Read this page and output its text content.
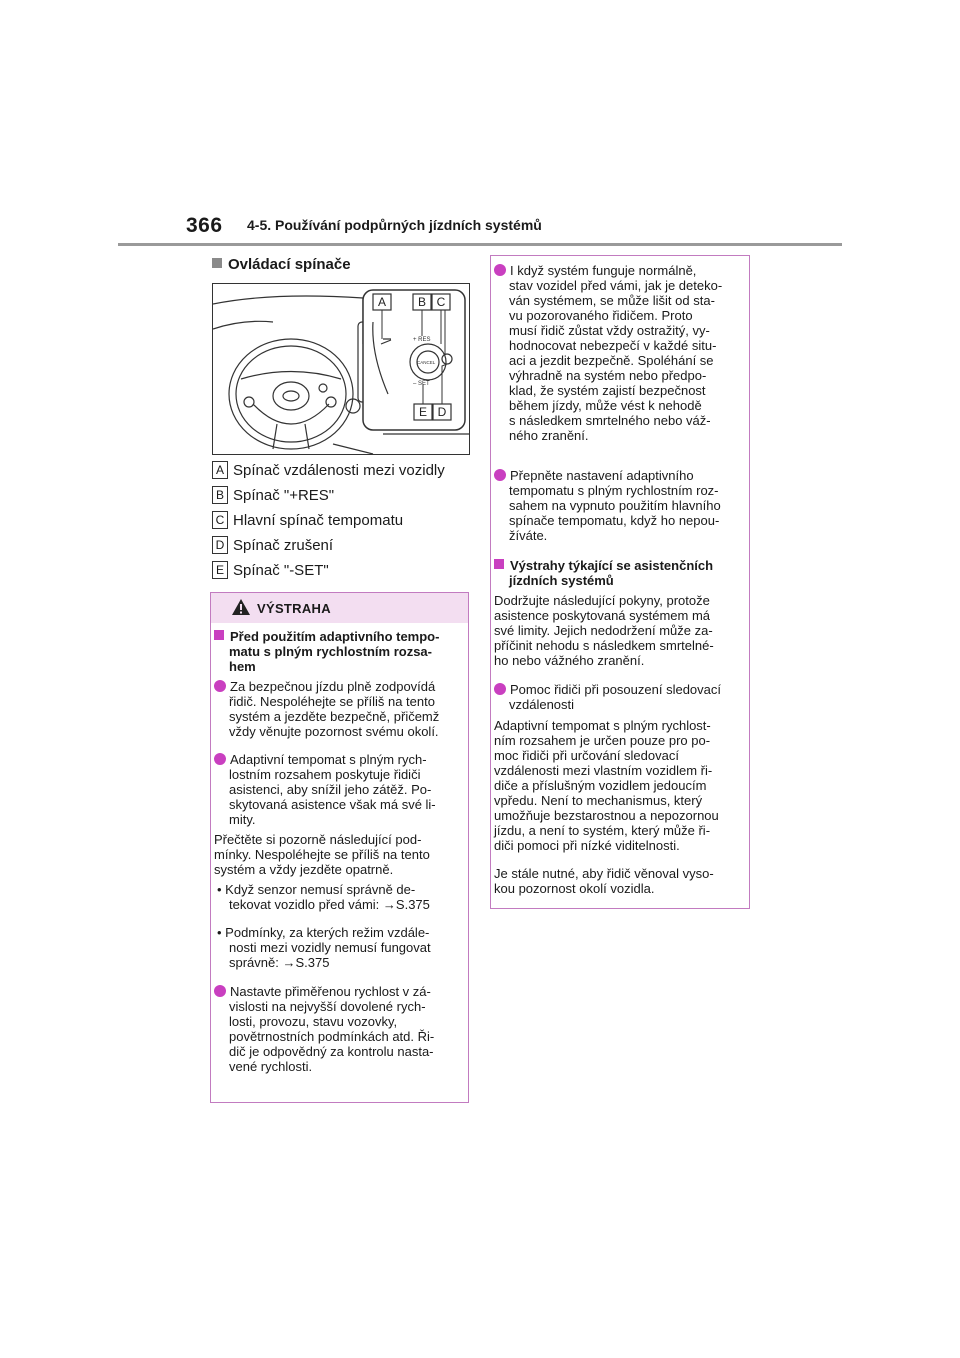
366 4-5. Používání podpůrných jízdních systémů
Ovládací spínače
+ RES
CANCEL
– SET
A	B C
D
E
A Spínač vzdálenosti mezi vozidly
B Spínač "+RES"
C Hlavní spínač tempomatu
D Spínač zrušení
E Spínač "-SET"
VÝSTRAHA
Před použitím adaptivního tempo-
matu s plným rychlostním rozsa-
hem
Za bezpečnou jízdu plně zodpovídá
řidič. Nespoléhejte se příliš na tento
systém a jezděte bezpečně, přičemž
vždy věnujte pozornost svému okolí.
Adaptivní tempomat s plným rych-
lostním rozsahem poskytuje řidiči
asistenci, aby snížil jeho zátěž. Po-
skytovaná asistence však má své li-
mity.
Přečtěte si pozorně následující pod-
mínky. Nespoléhejte se příliš na tento
systém a vždy jezděte opatrně.
• Když senzor nemusí správně de-
tekovat vozidlo před vámi: →S.375
• Podmínky, za kterých režim vzdále-
nosti mezi vozidly nemusí fungovat
správně: →S.375
Nastavte přiměřenou rychlost v zá-
vislosti na nejvyšší dovolené rych-
losti, provozu, stavu vozovky,
povětrnostních podmínkách atd. Ři-
dič je odpovědný za kontrolu nasta-
vené rychlosti.
I když systém funguje normálně,
stav vozidel před vámi, jak je deteko-
ván systémem, se může lišit od sta-
vu pozorovaného řidičem. Proto
musí řidič zůstat vždy ostražitý, vy-
hodnocovat nebezpečí v každé situ-
aci a jezdit bezpečně. Spoléhání se
výhradně na systém nebo předpo-
klad, že systém zajistí bezpečnost
během jízdy, může vést k nehodě
s následkem smrtelného nebo váž-
ného zranění.
Přepněte nastavení adaptivního
tempomatu s plným rychlostním roz-
sahem na vypnuto použitím hlavního
spínače tempomatu, když ho nepou-
žíváte.
Výstrahy týkající se asistenčních
jízdních systémů
Dodržujte následující pokyny, protože
asistence poskytovaná systémem má
své limity. Jejich nedodržení může za-
příčinit nehodu s následkem smrtelné-
ho nebo vážného zranění.
Pomoc řidiči při posouzení sledovací
vzdálenosti
Adaptivní tempomat s plným rychlost-
ním rozsahem je určen pouze pro po-
moc řidiči při určování sledovací
vzdálenosti mezi vlastním vozidlem ři-
diče a příslušným vozidlem jedoucím
vpředu. Není to mechanismus, který
umožňuje bezstarostnou a nepozornou
jízdu, a není to systém, který může ři-
diči pomoci při nízké viditelnosti.
Je stále nutné, aby řidič věnoval vyso-
kou pozornost okolí vozidla.
